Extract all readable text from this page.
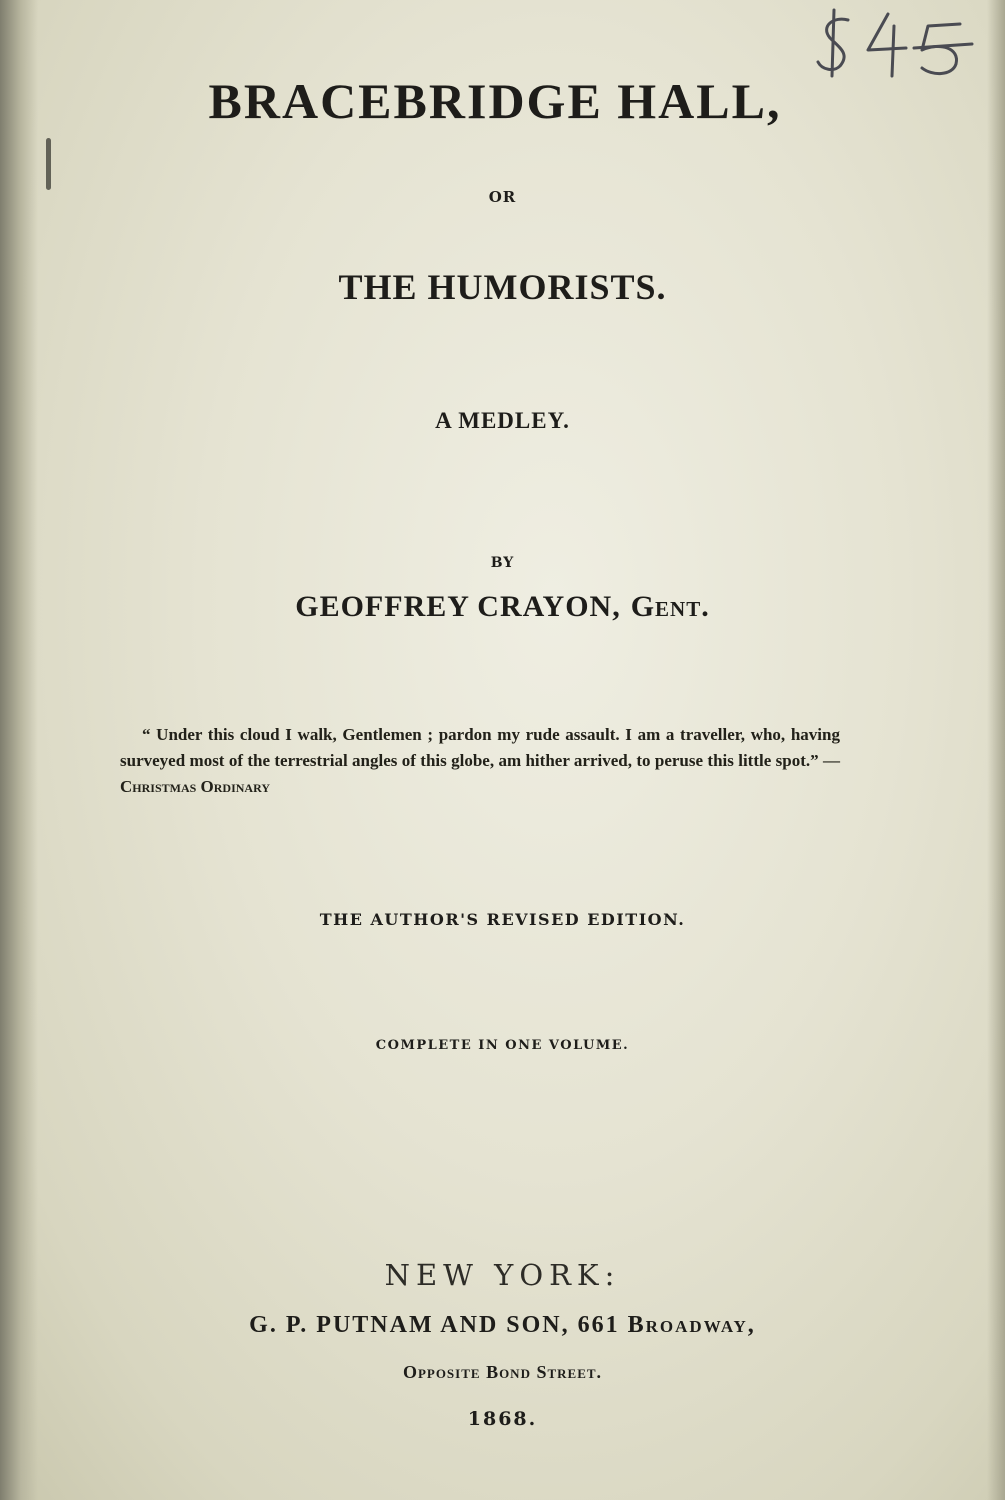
BRACEBRIDGE HALL,
OR
THE HUMORISTS.
A MEDLEY.
BY
GEOFFREY CRAYON, Gent.
“ Under this cloud I walk, Gentlemen ; pardon my rude assault. I am a traveller, who, having surveyed most of the terrestrial angles of this globe, am hither arrived, to peruse this little spot.” — Christmas Ordinary
THE AUTHOR'S REVISED EDITION.
COMPLETE IN ONE VOLUME.
NEW YORK:
G. P. PUTNAM AND SON, 661 Broadway,
Opposite Bond Street.
1868.
